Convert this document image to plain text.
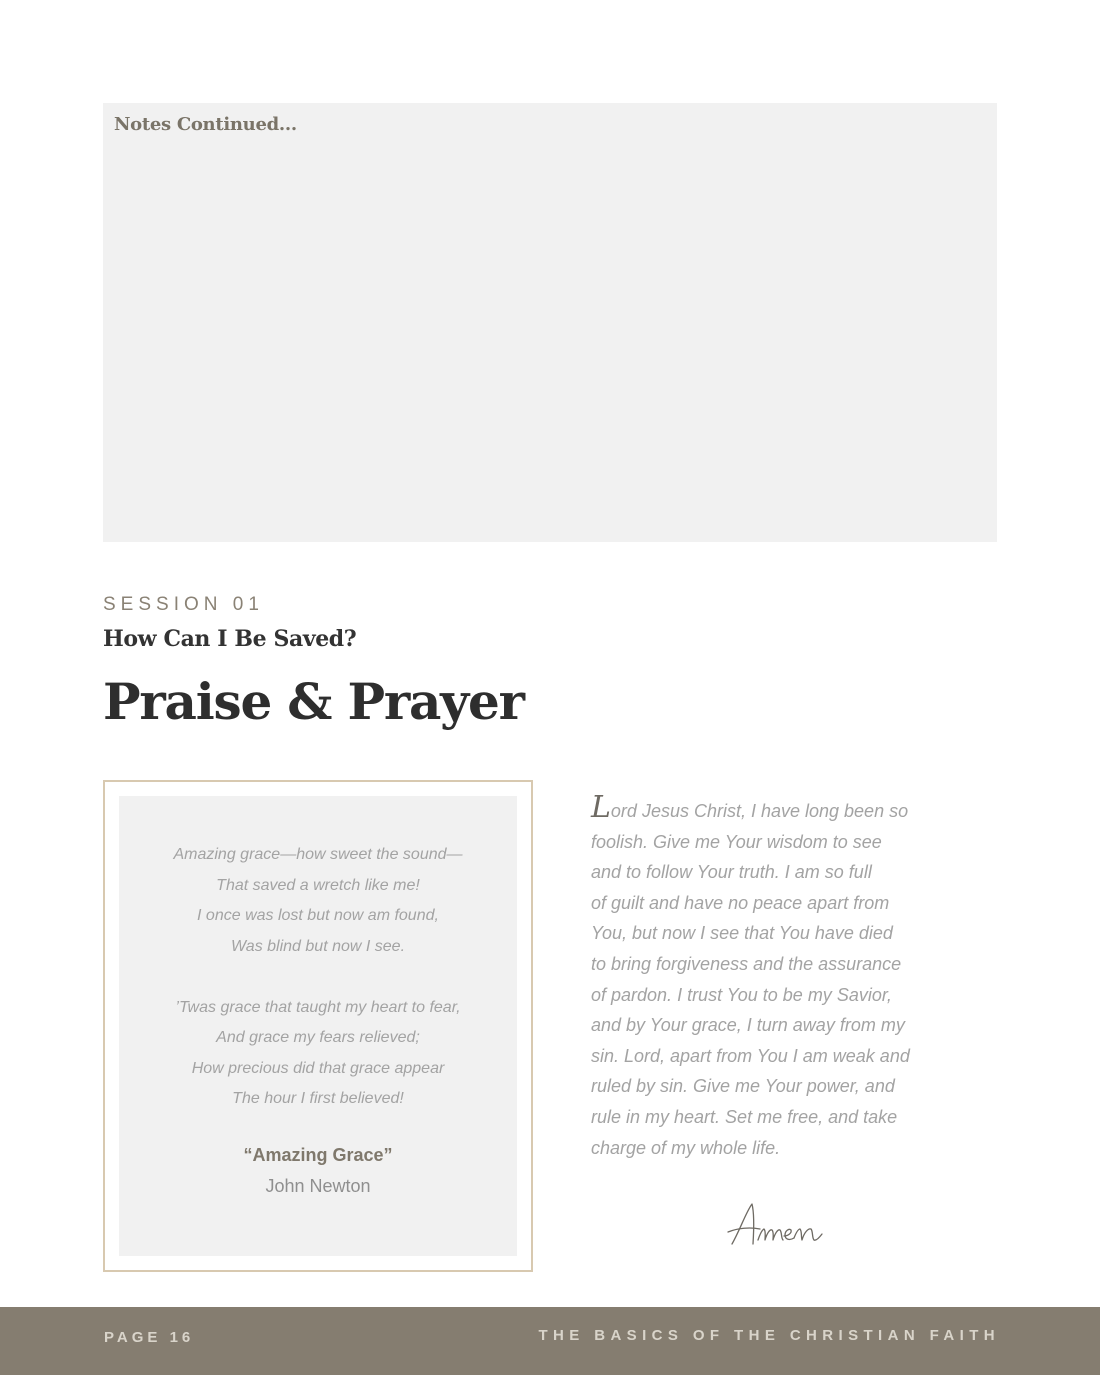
Notes Continued...
SESSION 01
How Can I Be Saved?
Praise & Prayer
Amazing grace—how sweet the sound—
That saved a wretch like me!
I once was lost but now am found,
Was blind but now I see.
’Twas grace that taught my heart to fear,
And grace my fears relieved;
How precious did that grace appear
The hour I first believed!
“Amazing Grace”
John Newton
Lord Jesus Christ, I have long been so
foolish. Give me Your wisdom to see
and to follow Your truth. I am so full
of guilt and have no peace apart from
You, but now I see that You have died
to bring forgiveness and the assurance
of pardon. I trust You to be my Savior,
and by Your grace, I turn away from my
sin. Lord, apart from You I am weak and
ruled by sin. Give me Your power, and
rule in my heart. Set me free, and take
charge of my whole life.
PAGE 16	THE BASICS OF THE CHRISTIAN FAITH
